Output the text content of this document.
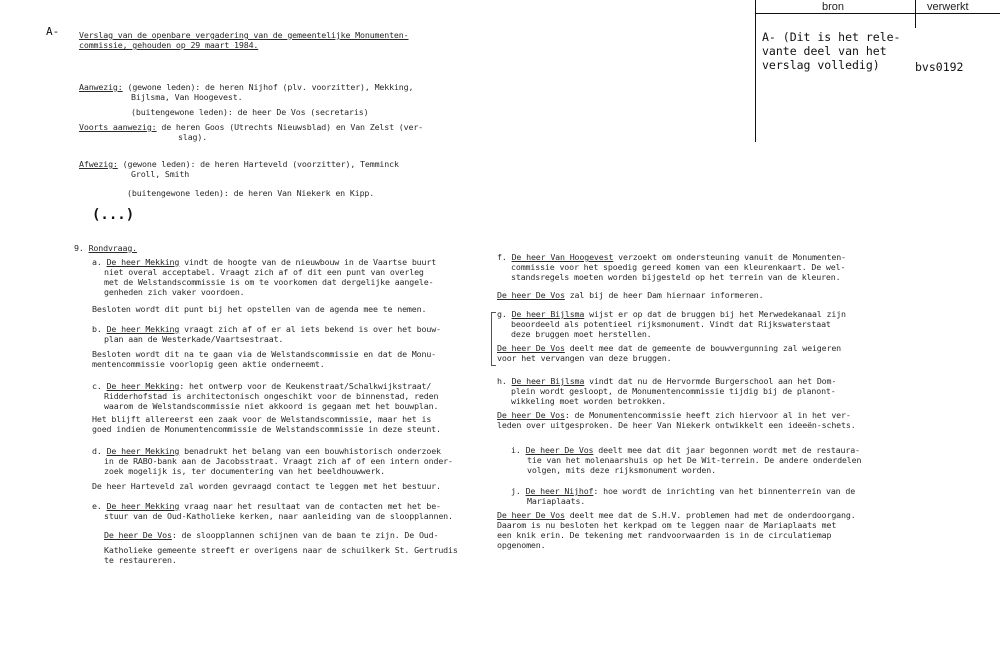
bron	verwerkt
A- (Dit is het rele-
vante deel van het
verslag volledig)	bvs0192
A- Verslag van de openbare vergadering van de gemeentelijke Monumenten-
commissie, gehouden op 29 maart 1984.
Aanwezig: (gewone leden): de heren Nijhof (plv. voorzitter), Mekking,
Bijlsma, Van Hoogevest.
(buitengewone leden): de heer De Vos (secretaris)
Voorts aanwezig: de heren Goos (Utrechts Nieuwsblad) en Van Zelst (ver-
slag).
Afwezig: (gewone leden): de heren Harteveld (voorzitter), Temminck
Groll, Smith
(buitengewone leden): de heren Van Niekerk en Kipp.
(...)
9. Rondvraag.
a. De heer Mekking vindt de hoogte van de nieuwbouw in de Vaartse buurt
niet overal acceptabel. Vraagt zich af of dit een punt van overleg
met de Welstandscommissie is om te voorkomen dat dergelijke aangele-
genheden zich vaker voordoen.
Besloten wordt dit punt bij het opstellen van de agenda mee te nemen.
b. De heer Mekking vraagt zich af of er al iets bekend is over het bouw-
plan aan de Westerkade/Vaartsestraat.
Besloten wordt dit na te gaan via de Welstandscommissie en dat de Monu-
mentencommissie voorlopig geen aktie onderneemt.
c. De heer Mekking: het ontwerp voor de Keukenstraat/Schalkwijkstraat/
Ridderhofstad is architectonisch ongeschikt voor de binnenstad, reden
waarom de Welstandscommissie niet akkoord is gegaan met het bouwplan.
Het blijft allereerst een zaak voor de Welstandscommissie, maar het is
goed indien de Monumentencommissie de Welstandscommissie in deze steunt.
d. De heer Mekking benadrukt het belang van een bouwhistorisch onderzoek
in de RABO-bank aan de Jacobsstraat. Vraagt zich af of een intern onder-
zoek mogelijk is, ter documentering van het beeldhouwwerk.
De heer Harteveld zal worden gevraagd contact te leggen met het bestuur.
e. De heer Mekking vraag naar het resultaat van de contacten met het be-
stuur van de Oud-Katholieke kerken, naar aanleiding van de sloopplannen.
De heer De Vos: de sloopplannen schijnen van de baan te zijn. De Oud-
Katholieke gemeente streeft er overigens naar de schuilkerk St. Gertrudis
te restaureren.
f. De heer Van Hoogevest verzoekt om ondersteuning vanuit de Monumenten-
commissie voor het spoedig gereed komen van een kleurenkaart. De wel-
standsregels moeten worden bijgesteld op het terrein van de kleuren.
De heer De Vos zal bij de heer Dam hiernaar informeren.
g. De heer Bijlsma wijst er op dat de bruggen bij het Merwedekanaal zijn
beoordeeld als potentieel rijksmonument. Vindt dat Rijkswaterstaat
deze bruggen moet herstellen.
De heer De Vos deelt mee dat de gemeente de bouwvergunning zal weigeren
voor het vervangen van deze bruggen.
h. De heer Bijlsma vindt dat nu de Hervormde Burgerschool aan het Dom-
plein wordt gesloopt, de Monumentencommissie tijdig bij de planont-
wikkeling moet worden betrokken.
De heer De Vos: de Monumentencommissie heeft zich hiervoor al in het ver-
leden over uitgesproken. De heer Van Niekerk ontwikkelt een ideeën-schets.
i. De heer De Vos deelt mee dat dit jaar begonnen wordt met de restaura-
tie van het molenaarshuis op het De Wit-terrein. De andere onderdelen
volgen, mits deze rijksmonument worden.
j. De heer Nijhof: hoe wordt de inrichting van het binnenterrein van de
Mariaplaats.
De heer De Vos deelt mee dat de S.H.V. problemen had met de onderdoorgang.
Daarom is nu besloten het kerkpad om te leggen naar de Mariaplaats met
een knik erin. De tekening met randvoorwaarden is in de circulatiemap
opgenomen.
